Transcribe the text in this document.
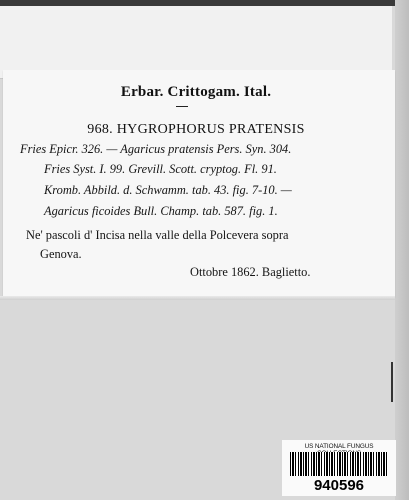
Erbar. Crittogam. Ital.
968. HYGROPHORUS PRATENSIS
Fries Epicr. 326. — Agaricus pratensis Pers. Syn. 304.
Fries Syst. I. 99. Grevill. Scott. cryptog. Fl. 91.
Kromb. Abbild. d. Schwamm. tab. 43. fig. 7-10. —
Agaricus ficoides Bull. Champ. tab. 587. fig. 1.
Ne' pascoli d' Incisa nella valle della Polcevera sopra
Genova.
Ottobre 1862. Baglietto.
US NATIONAL FUNGUS
940596
